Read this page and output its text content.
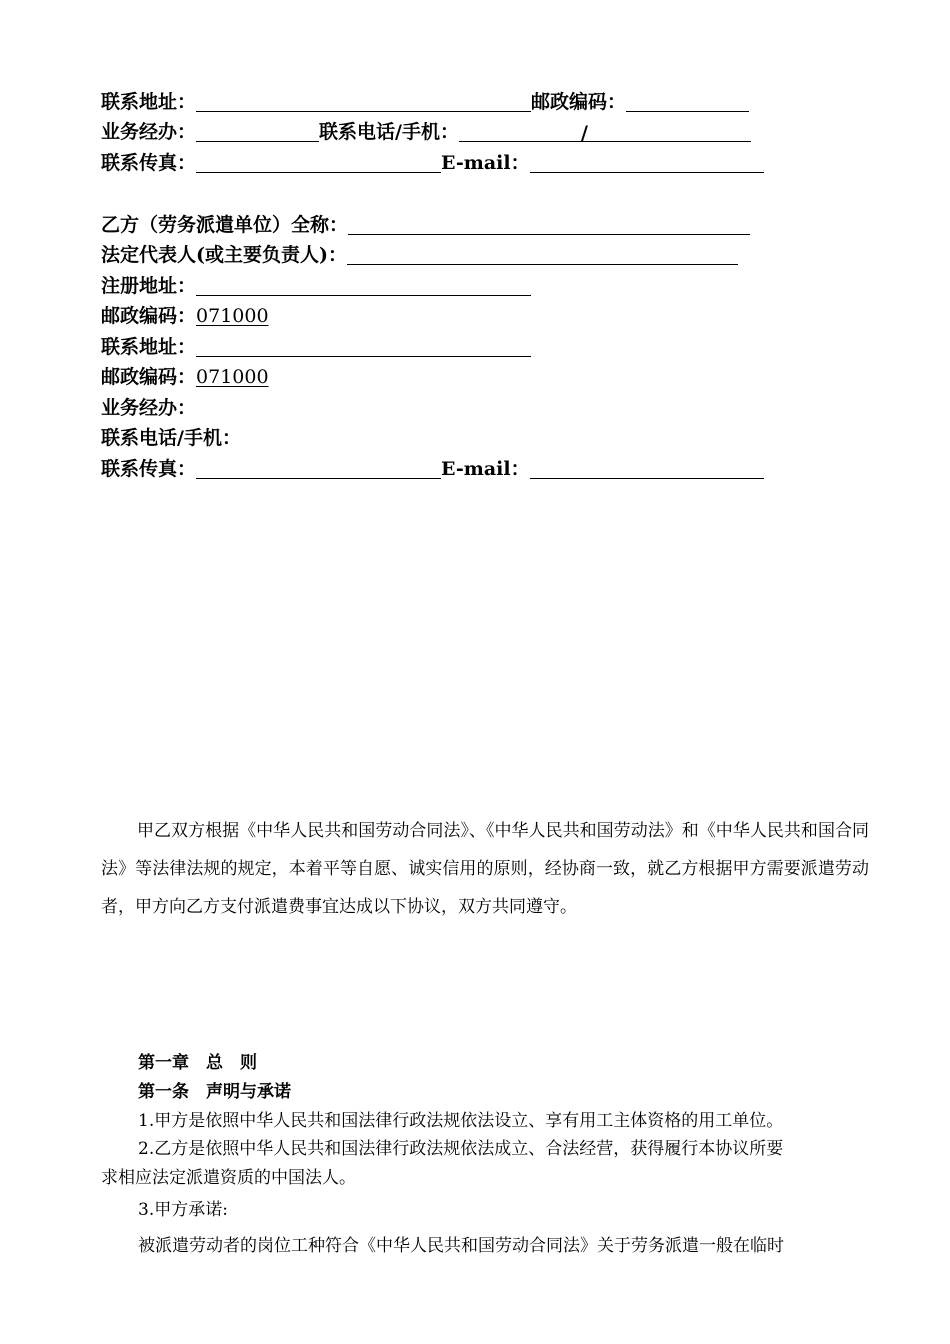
联系地址：	邮政编码：
业务经办：	联系电话/手机：	/
联系传真：	E-mail：
乙方（劳务派遣单位）全称：
法定代表人(或主要负责人)：
注册地址：
邮政编码：071000
联系地址：
邮政编码：071000
业务经办：
联系电话/手机：
联系传真：	E-mail：

甲乙双方根据《中华人民共和国劳动合同法》、《中华人民共和国劳动法》和《中华人民共和国合同法》等法律法规的规定，本着平等自愿、诚实信用的原则，经协商一致，就乙方根据甲方需要派遣劳动者，甲方向乙方支付派遣费事宜达成以下协议，双方共同遵守。

第一章　总　则
第一条　声明与承诺
1.甲方是依照中华人民共和国法律行政法规依法设立、享有用工主体资格的用工单位。
2.乙方是依照中华人民共和国法律行政法规依法成立、合法经营，获得履行本协议所要
求相应法定派遣资质的中国法人。
3.甲方承诺:
被派遣劳动者的岗位工种符合《中华人民共和国劳动合同法》关于劳务派遣一般在临时
